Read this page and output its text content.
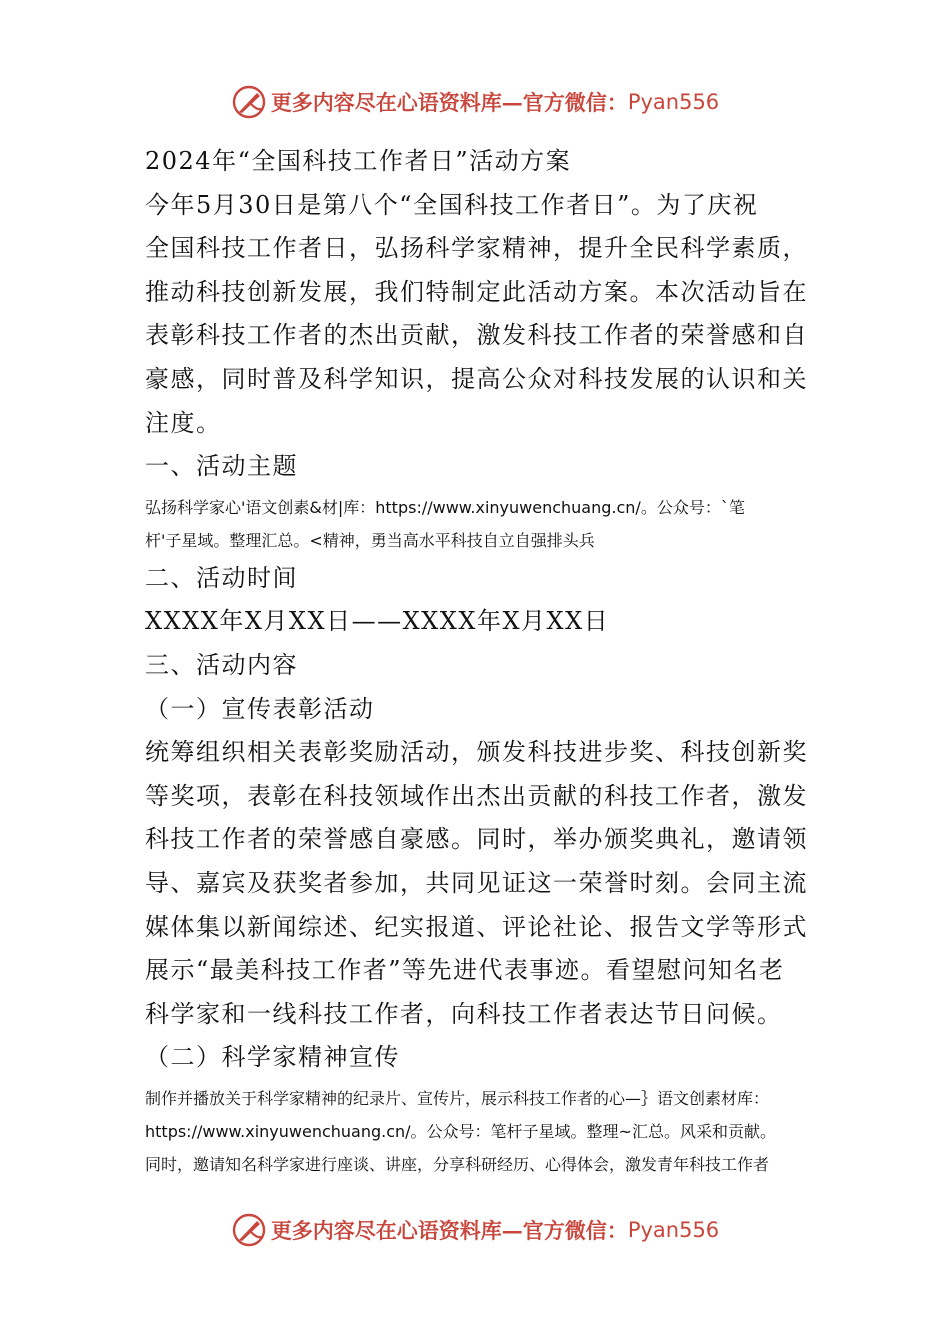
更多内容尽在心语资料库—官方微信： Pyan556
2024年“全国科技工作者日”活动方案
今年5月30日是第八个“全国科技工作者日”。为了庆祝
全国科技工作者日，弘扬科学家精神，提升全民科学素质，
推动科技创新发展，我们特制定此活动方案。本次活动旨在
表彰科技工作者的杰出贡献，激发科技工作者的荣誉感和自
豪感，同时普及科学知识，提高公众对科技发展的认识和关
注度。
一、活动主题
弘扬科学家心'语文创素&材|库：https://www.xinyuwenchuang.cn/。公众号：`笔
杆'子星域。整理汇总。<精神，勇当高水平科技自立自强排头兵
二、活动时间
XXXX年X月XX日——XXXX年X月XX日
三、活动内容
（一）宣传表彰活动
统筹组织相关表彰奖励活动，颁发科技进步奖、科技创新奖
等奖项，表彰在科技领域作出杰出贡献的科技工作者，激发
科技工作者的荣誉感自豪感。同时，举办颁奖典礼，邀请领
导、嘉宾及获奖者参加，共同见证这一荣誉时刻。会同主流
媒体集以新闻综述、纪实报道、评论社论、报告文学等形式
展示“最美科技工作者”等先进代表事迹。看望慰问知名老
科学家和一线科技工作者，向科技工作者表达节日问候。
（二）科学家精神宣传
制作并播放关于科学家精神的纪录片、宣传片，展示科技工作者的心—｝语文创素材库：
https://www.xinyuwenchuang.cn/。公众号：笔杆子星域。整理~汇总。风采和贡献。
同时，邀请知名科学家进行座谈、讲座，分享科研经历、心得体会，激发青年科技工作者
更多内容尽在心语资料库—官方微信： Pyan556
